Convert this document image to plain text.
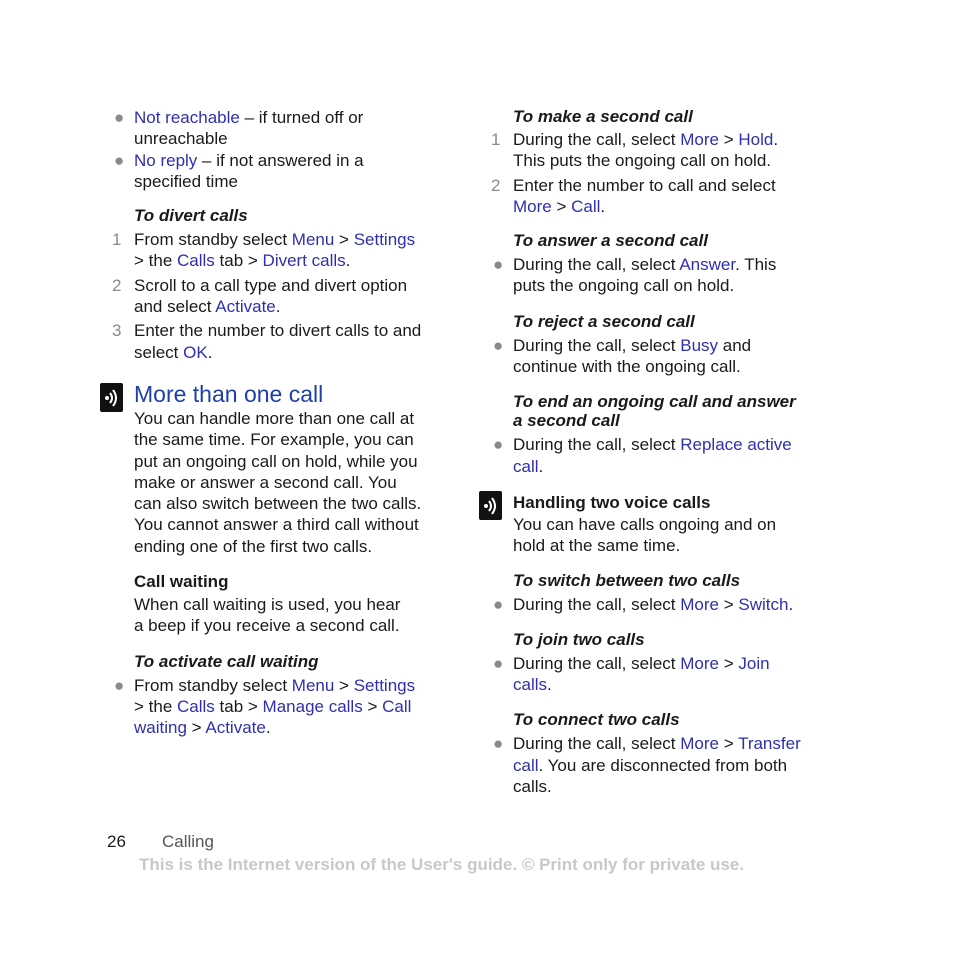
● Not reachable – if turned off or
unreachable
● No reply – if not answered in a
specified time
To divert calls
1 From standby select Menu > Settings
> the Calls tab > Divert calls.
2 Scroll to a call type and divert option
and select Activate.
3 Enter the number to divert calls to and
select OK.
More than one call
You can handle more than one call at
the same time. For example, you can
put an ongoing call on hold, while you
make or answer a second call. You
can also switch between the two calls.
You cannot answer a third call without
ending one of the first two calls.
Call waiting
When call waiting is used, you hear
a beep if you receive a second call.
To activate call waiting
● From standby select Menu > Settings
> the Calls tab > Manage calls > Call
waiting > Activate.
To make a second call
1 During the call, select More > Hold.
This puts the ongoing call on hold.
2 Enter the number to call and select
More > Call.
To answer a second call
● During the call, select Answer. This
puts the ongoing call on hold.
To reject a second call
● During the call, select Busy and
continue with the ongoing call.
To end an ongoing call and answer
a second call
● During the call, select Replace active
call.
Handling two voice calls
You can have calls ongoing and on
hold at the same time.
To switch between two calls
● During the call, select More > Switch.
To join two calls
● During the call, select More > Join
calls.
To connect two calls
● During the call, select More > Transfer
call. You are disconnected from both
calls.
26 Calling
This is the Internet version of the User's guide. © Print only for private use.
